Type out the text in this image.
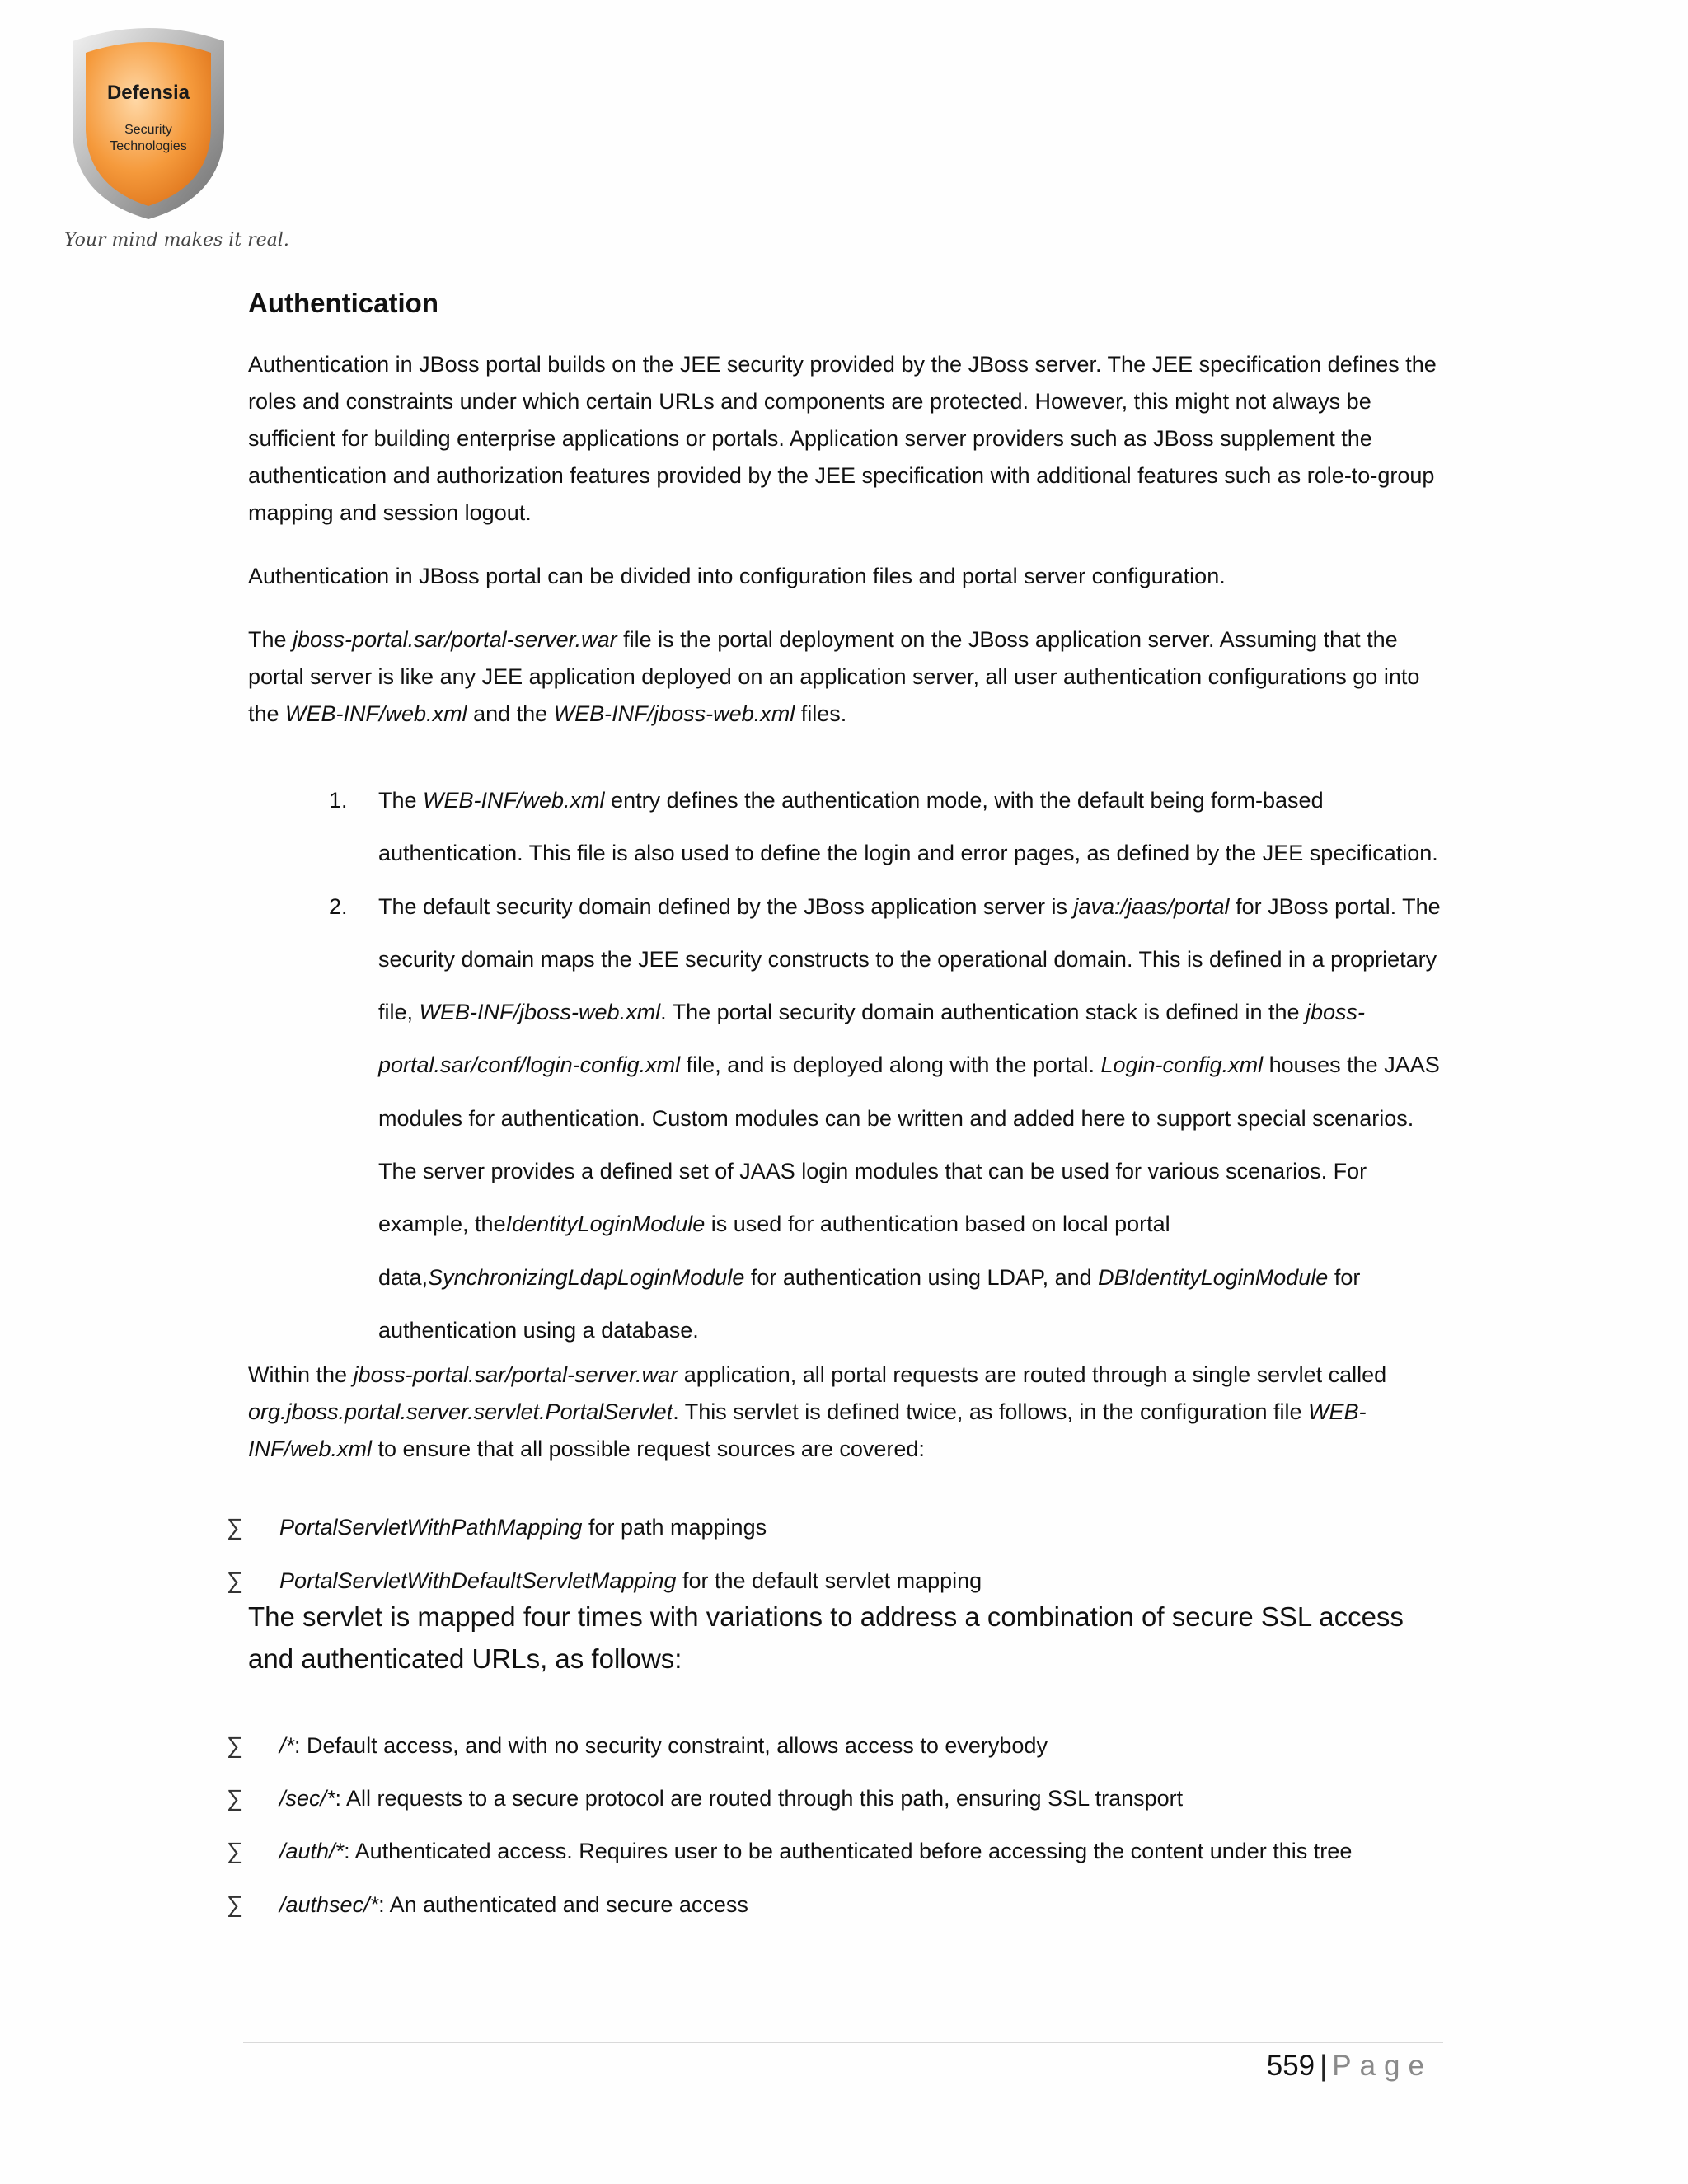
Defensia
Security
Technologies
Your mind makes it real.
Authentication

Authentication in JBoss portal builds on the JEE security provided by the JBoss server. The JEE specification defines the roles and constraints under which certain URLs and components are protected. However, this might not always be sufficient for building enterprise applications or portals. Application server providers such as JBoss supplement the authentication and authorization features provided by the JEE specification with additional features such as role-to-group mapping and session logout.

Authentication in JBoss portal can be divided into configuration files and portal server configuration.

The jboss-portal.sar/portal-server.war file is the portal deployment on the JBoss application server. Assuming that the portal server is like any JEE application deployed on an application server, all user authentication configurations go into the WEB-INF/web.xml and the WEB-INF/jboss-web.xml files.

1. The WEB-INF/web.xml entry defines the authentication mode, with the default being form-based authentication. This file is also used to define the login and error pages, as defined by the JEE specification.
2. The default security domain defined by the JBoss application server is java:/jaas/portal for JBoss portal. The security domain maps the JEE security constructs to the operational domain. This is defined in a proprietary file, WEB-INF/jboss-web.xml. The portal security domain authentication stack is defined in the jboss-portal.sar/conf/login-config.xml file, and is deployed along with the portal. Login-config.xml houses the JAAS modules for authentication. Custom modules can be written and added here to support special scenarios. The server provides a defined set of JAAS login modules that can be used for various scenarios. For example, theIdentityLoginModule is used for authentication based on local portal data,SynchronizingLdapLoginModule for authentication using LDAP, and DBIdentityLoginModule for authentication using a database.

Within the jboss-portal.sar/portal-server.war application, all portal requests are routed through a single servlet called org.jboss.portal.server.servlet.PortalServlet. This servlet is defined twice, as follows, in the configuration file WEB-INF/web.xml to ensure that all possible request sources are covered:

∑ PortalServletWithPathMapping for path mappings
∑ PortalServletWithDefaultServletMapping for the default servlet mapping

The servlet is mapped four times with variations to address a combination of secure SSL access and authenticated URLs, as follows:

∑ /*: Default access, and with no security constraint, allows access to everybody
∑ /sec/*: All requests to a secure protocol are routed through this path, ensuring SSL transport
∑ /auth/*: Authenticated access. Requires user to be authenticated before accessing the content under this tree
∑ /authsec/*: An authenticated and secure access
559 | Page
